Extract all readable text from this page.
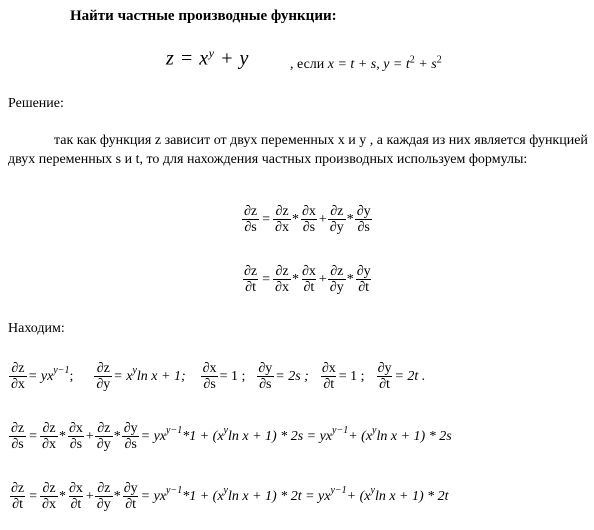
Найти частные производные функции:
$z = x^y + y$	, если x = t + s, $y = t^2 + s^2$
Решение:
так как функция z зависит от двух переменных x и y , а каждая из них является функцией двух переменных s и t, то для нахождения частных производных используем формулы:
$\frac{\partial z}{\partial s} = \frac{\partial z}{\partial x} * \frac{\partial x}{\partial s} + \frac{\partial z}{\partial y} * \frac{\partial y}{\partial s}$
$\frac{\partial z}{\partial t} = \frac{\partial z}{\partial x} * \frac{\partial x}{\partial t} + \frac{\partial z}{\partial y} * \frac{\partial y}{\partial t}$
Находим:
$\frac{\partial z}{\partial x}$ = yx y−1 ; $\frac{\partial z}{\partial y} = x$ y ln x + 1; $\frac{\partial x}{\partial s} = 1$ ; $\frac{\partial y}{\partial s} = 2s$ ; $\frac{\partial x}{\partial t} = 1$ ; $\frac{\partial y}{\partial t} = 2t$ .
$\frac{\partial z}{\partial s} = \frac{\partial z}{\partial x} * \frac{\partial x}{\partial s} + \frac{\partial z}{\partial y} * \frac{\partial y}{\partial s}$ = yx y−1 *1 + (x y ln x + 1) * 2s = yx y−1 + (x y ln x + 1) * 2s
$\frac{\partial z}{\partial t} = \frac{\partial z}{\partial x} * \frac{\partial x}{\partial t} + \frac{\partial z}{\partial y} * \frac{\partial y}{\partial t}$ = yx y−1 *1 + (x y ln x + 1) * 2t = yx y−1 + (x y ln x + 1) * 2t
